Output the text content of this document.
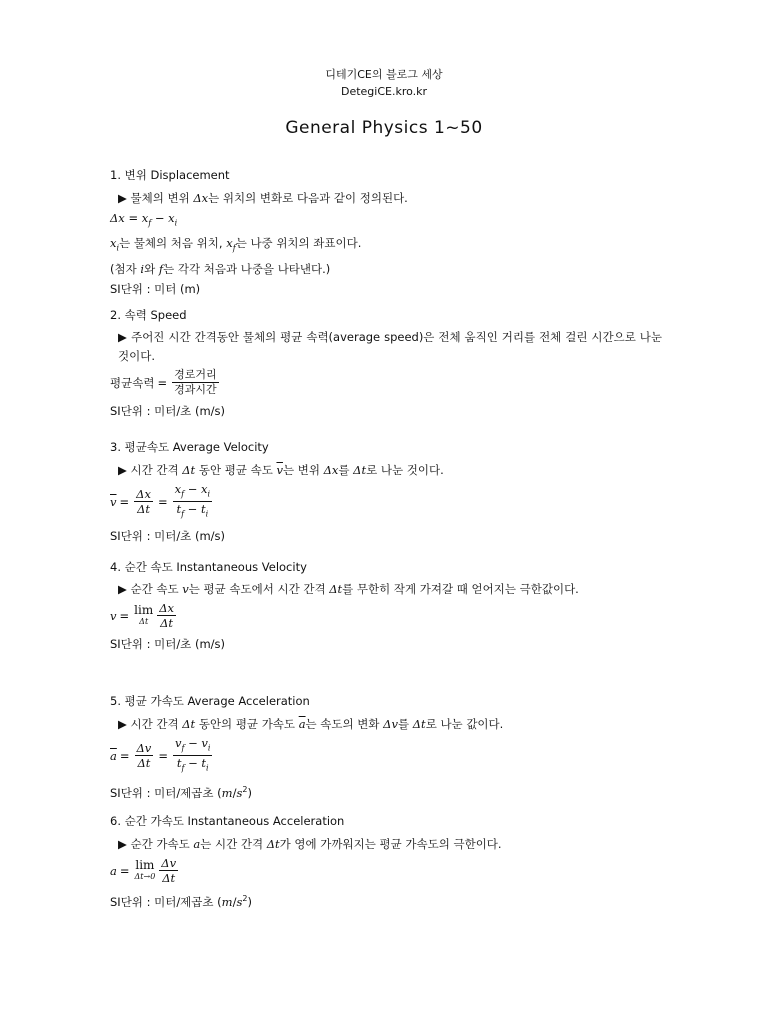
디테기CE의 블로그 세상
DetegiCE.kro.kr
General Physics 1~50
1. 변위 Displacement
▶ 물체의 변위 Δx는 위치의 변화로 다음과 같이 정의된다.
$\Delta x = x_f - x_i$
$x_i$는 물체의 처음 위치, $x_f$는 나중 위치의 좌표이다.
(첨자 i와 f는 각각 처음과 나중을 나타낸다.)
SI단위 : 미터 (m)
2. 속력 Speed
▶ 주어진 시간 간격동안 물체의 평균 속력(average speed)은 전체 움직인 거리를 전체 걸린 시간으로 나눈 것이다.
평균속력 = $\frac{\text{경로거리}}{\text{경과시간}}$
SI단위 : 미터/초 (m/s)
3. 평균속도 Average Velocity
▶ 시간 간격 Δt 동안 평균 속도 $\overline{v}$는 변위 Δx를 Δt로 나눈 것이다.
$\overline{v} = \frac{\Delta x}{\Delta t} = \frac{x_f - x_i}{t_f - t_i}$
SI단위 : 미터/초 (m/s)
4. 순간 속도 Instantaneous Velocity
▶ 순간 속도 v는 평균 속도에서 시간 간격 Δt를 무한히 작게 가져갈 때 얻어지는 극한값이다.
v = lim
Δt $\frac{\Delta x}{\Delta t}$
SI단위 : 미터/초 (m/s)
5. 평균 가속도 Average Acceleration
▶ 시간 간격 Δt 동안의 평균 가속도 $\overline{a}$는 속도의 변화 Δv를 Δt로 나눈 값이다.
$\overline{a} = \frac{\Delta v}{\Delta t} = \frac{v_f - v_i}{t_f - t_i}$
SI단위 : 미터/제곱초 $(m/s^2)$
6. 순간 가속도 Instantaneous Acceleration
▶ 순간 가속도 a는 시간 간격 Δt가 영에 가까워지는 평균 가속도의 극한이다.
a = lim
$\Delta t\to 0 \frac{\Delta v}{\Delta t}$
SI단위 : 미터/제곱초 $(m/s^2)$
